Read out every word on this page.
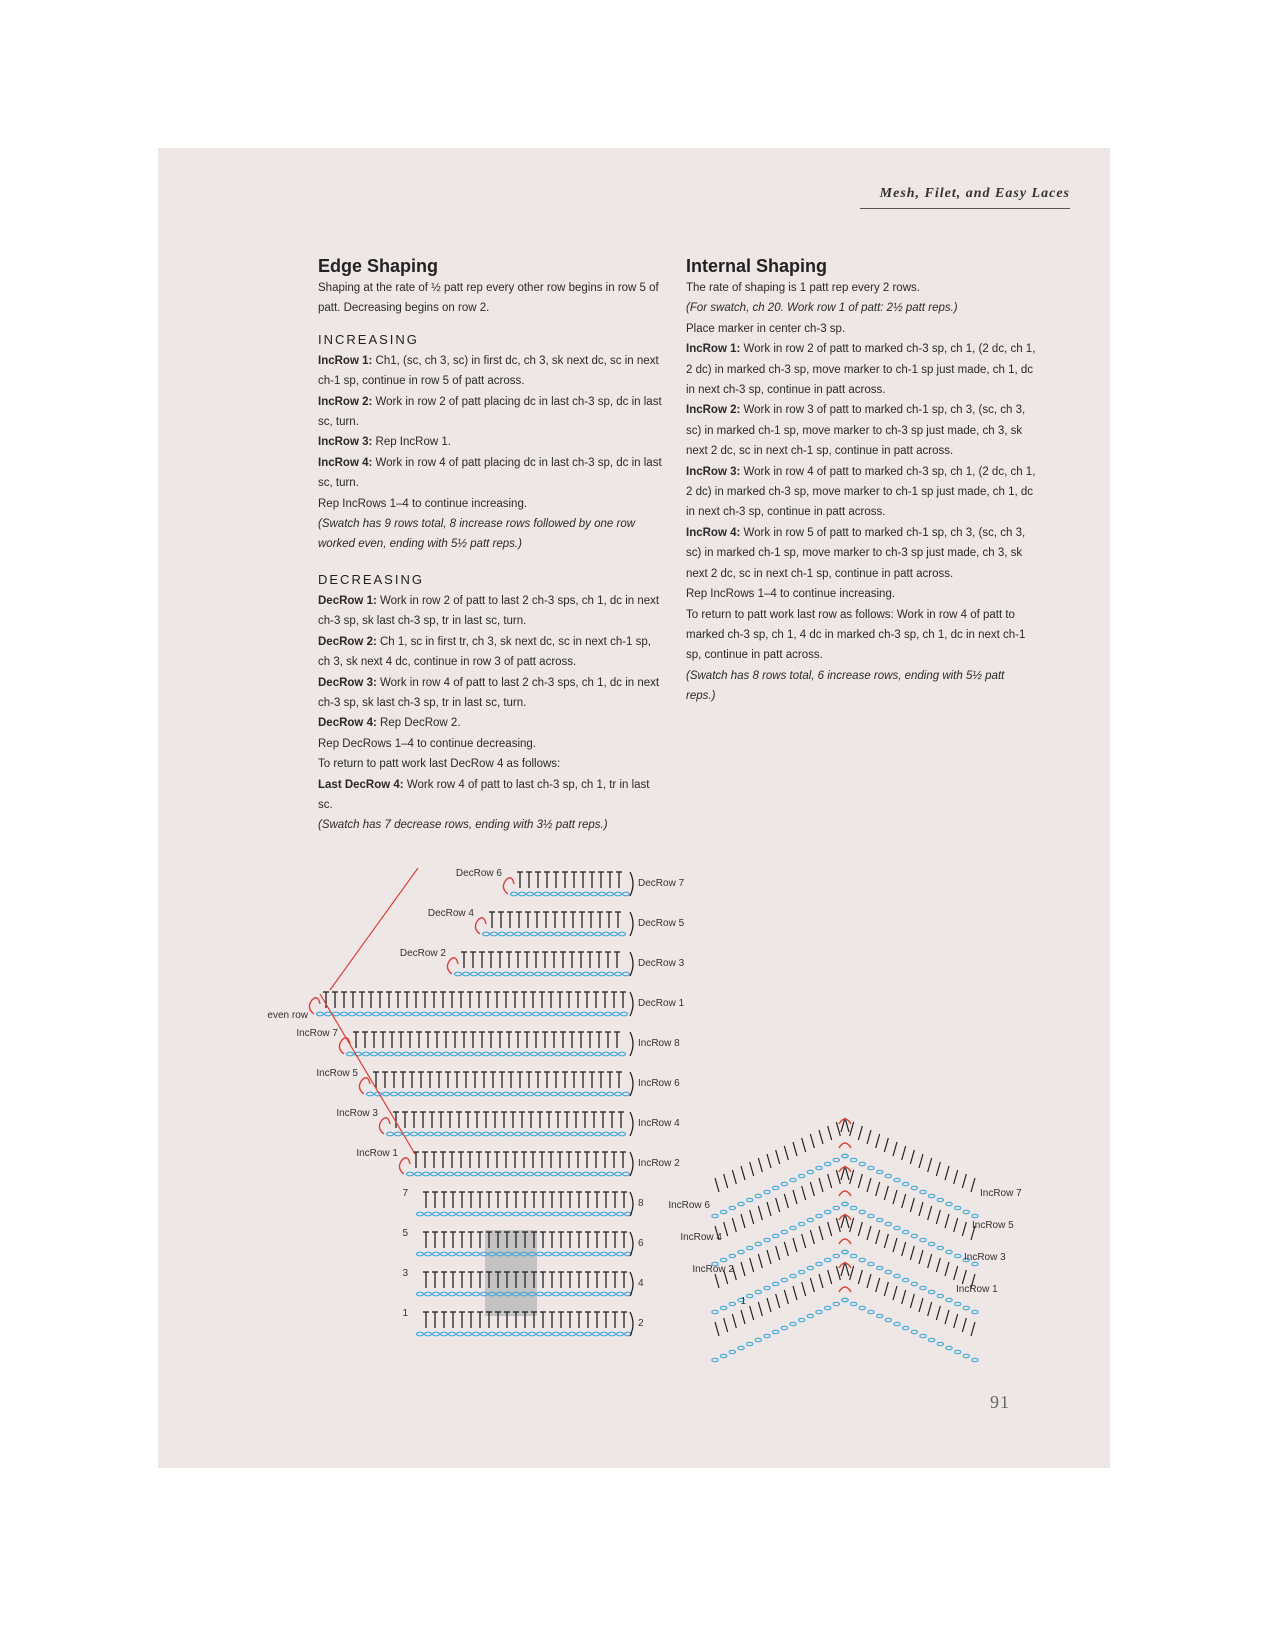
Mesh, Filet, and Easy Laces
Edge Shaping

Shaping at the rate of ½ patt rep every other row begins in row 5 of patt. Decreasing begins on row 2.

INCREASING

IncRow 1: Ch1, (sc, ch 3, sc) in first dc, ch 3, sk next dc, sc in next ch-1 sp, continue in row 5 of patt across.

IncRow 2: Work in row 2 of patt placing dc in last ch-3 sp, dc in last sc, turn.

IncRow 3: Rep IncRow 1.

IncRow 4: Work in row 4 of patt placing dc in last ch-3 sp, dc in last sc, turn.

Rep IncRows 1–4 to continue increasing.

(Swatch has 9 rows total, 8 increase rows followed by one row worked even, ending with 5½ patt reps.)

DECREASING

DecRow 1: Work in row 2 of patt to last 2 ch-3 sps, ch 1, dc in next ch-3 sp, sk last ch-3 sp, tr in last sc, turn.

DecRow 2: Ch 1, sc in first tr, ch 3, sk next dc, sc in next ch-1 sp, ch 3, sk next 4 dc, continue in row 3 of patt across.

DecRow 3: Work in row 4 of patt to last 2 ch-3 sps, ch 1, dc in next ch-3 sp, sk last ch-3 sp, tr in last sc, turn.

DecRow 4: Rep DecRow 2.

Rep DecRows 1–4 to continue decreasing.

To return to patt work last DecRow 4 as follows:

Last DecRow 4: Work row 4 of patt to last ch-3 sp, ch 1, tr in last sc.

(Swatch has 7 decrease rows, ending with 3½ patt reps.)

Internal Shaping

The rate of shaping is 1 patt rep every 2 rows.

(For swatch, ch 20. Work row 1 of patt: 2½ patt reps.)

Place marker in center ch-3 sp.

IncRow 1: Work in row 2 of patt to marked ch-3 sp, ch 1, (2 dc, ch 1, 2 dc) in marked ch-3 sp, move marker to ch-1 sp just made, ch 1, dc in next ch-3 sp, continue in patt across.

IncRow 2: Work in row 3 of patt to marked ch-1 sp, ch 3, (sc, ch 3, sc) in marked ch-1 sp, move marker to ch-3 sp just made, ch 3, sk next 2 dc, sc in next ch-1 sp, continue in patt across.

IncRow 3: Work in row 4 of patt to marked ch-3 sp, ch 1, (2 dc, ch 1, 2 dc) in marked ch-3 sp, move marker to ch-1 sp just made, ch 1, dc in next ch-3 sp, continue in patt across.

IncRow 4: Work in row 5 of patt to marked ch-1 sp, ch 3, (sc, ch 3, sc) in marked ch-1 sp, move marker to ch-3 sp just made, ch 3, sk next 2 dc, sc in next ch-1 sp, continue in patt across.

Rep IncRows 1–4 to continue increasing.

To return to patt work last row as follows: Work in row 4 of patt to marked ch-3 sp, ch 1, 4 dc in marked ch-3 sp, ch 1, dc in next ch-1 sp, continue in patt across.

(Swatch has 8 rows total, 6 increase rows, ending with 5½ patt reps.)

DecRow 7
DecRow 6
DecRow 5
DecRow 4
DecRow 3
DecRow 2
DecRow 1
even row
IncRow 8
IncRow 7
IncRow 6
IncRow 5
IncRow 4
IncRow 3
IncRow 2
IncRow 1
8
7
6
5
4
3
2
1
IncRow 7
IncRow 6
IncRow 5
IncRow 4
IncRow 3
IncRow 2
IncRow 1
1
91
